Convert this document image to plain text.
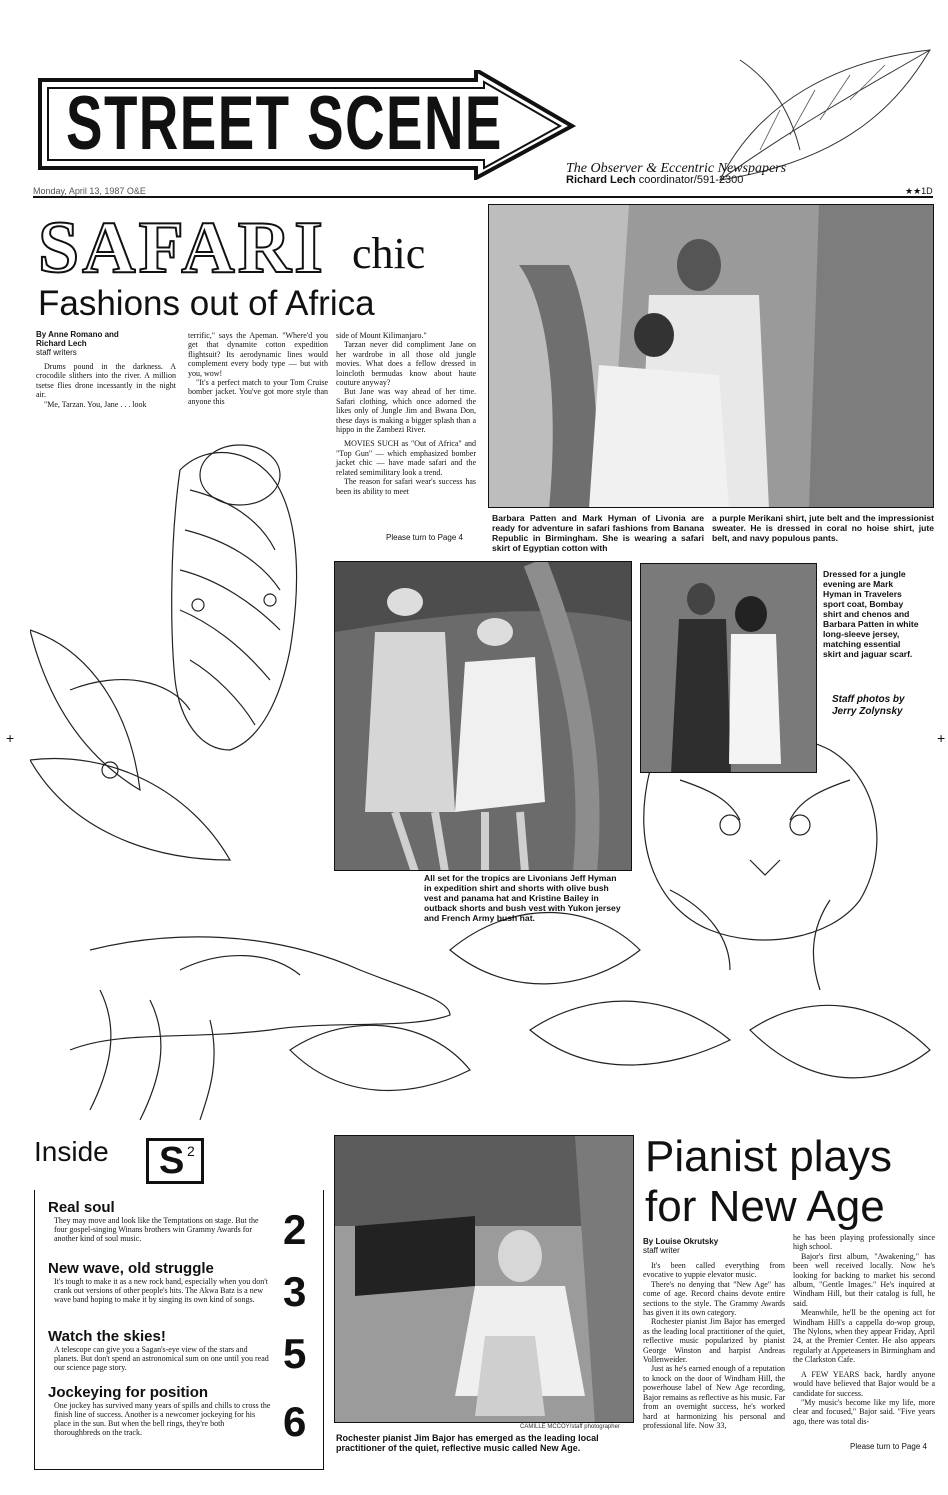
STREET SCENE
The Observer & Eccentric Newspapers
Richard Lech coordinator/591-2300
Monday, April 13, 1987 O&E	★★1D
SAFARI chic
Fashions out of Africa
By Anne Romano and Richard Lech
staff writers

Drums pound in the darkness. A crocodile slithers into the river. A million tsetse flies drone incessantly in the night air.

"Me, Tarzan. You, Jane . . . look

terrific," says the Apeman. "Where'd you get that dynamite cotton expedition flightsuit? Its aerodynamic lines would complement every body type — but with you, wow!

"It's a perfect match to your Tom Cruise bomber jacket. You've got more style than anyone this

side of Mount Kilimanjaro."

Tarzan never did compliment Jane on her wardrobe in all those old jungle movies. What does a fellow dressed in loincloth bermudas know about haute couture anyway?

But Jane was way ahead of her time. Safari clothing, which once adorned the likes only of Jungle Jim and Bwana Don, these days is making a bigger splash than a hippo in the Zambezi River.

MOVIES SUCH as "Out of Africa" and "Top Gun" — which emphasized bomber jacket chic — have made safari and the related semimilitary look a trend.

The reason for safari wear's success has been its ability to meet

Please turn to Page 4
Barbara Patten and Mark Hyman of Livonia are ready for adventure in safari fashions from Banana Republic in Birmingham. She is wearing a safari skirt of Egyptian cotton with
a purple Merikani shirt, jute belt and the impressionist sweater. He is dressed in coral no hoise shirt, jute belt, and navy populous pants.
All set for the tropics are Livonians Jeff Hyman in expedition shirt and shorts with olive bush vest and panama hat and Kristine Bailey in outback shorts and bush vest with Yukon jersey and French Army bush hat.
Dressed for a jungle evening are Mark Hyman in Travelers sport coat, Bombay shirt and chenos and Barbara Patten in white long-sleeve jersey, matching essential skirt and jaguar scarf.
Staff photos by Jerry Zolynsky
+	+
Inside S 2
Real soul
They may move and look like the Temptations on stage. But the four gospel-singing Winans brothers win Grammy Awards for another kind of soul music.	2
New wave, old struggle
It's tough to make it as a new rock band, especially when you don't crank out versions of other people's hits. The Akwa Batz is a new wave band hoping to make it by singing its own kind of songs. 3
Watch the skies!
A telescope can give you a Sagan's-eye view of the stars and planets. But don't spend an astronomical sum on one until you read our science page story.	5
Jockeying for position
One jockey has survived many years of spills and chills to cross the finish line of success. Another is a newcomer jockeying for his place in the sun. But when the bell rings, they're both thoroughbreds on the track.	6	CAMILLE MCCOY/staff photographer
Rochester pianist Jim Bajor has emerged as the leading local practitioner of the quiet, reflective music called New Age.
Pianist plays for New Age
By Louise Okrutsky
staff writer

It's been called everything from evocative to yuppie elevator music.

There's no denying that "New Age" has come of age. Record chains devote entire sections to the style. The Grammy Awards has given it its own category.

Rochester pianist Jim Bajor has emerged as the leading local practitioner of the quiet, reflective music popularized by pianist George Winston and harpist Andreas Vollenweider.

Just as he's earned enough of a reputation to knock on the door of Windham Hill, the powerhouse label of New Age recording, Bajor remains as reflective as his music. Far from an overnight success, he's worked hard at harmonizing his personal and professional life. Now 33,

he has been playing professionally since high school.

Bajor's first album, "Awakening," has been well received locally. Now he's looking for backing to market his second album, "Gentle Images." He's inquired at Windham Hill, but their catalog is full, he said.

Meanwhile, he'll be the opening act for Windham Hill's a cappella do-wop group, The Nylons, when they appear Friday, April 24, at the Premier Center. He also appears regularly at Appeteasers in Birmingham and the Clarkston Cafe.

A FEW YEARS back, hardly anyone would have believed that Bajor would be a candidate for success.

"My music's become like my life, more clear and focused," Bajor said. "Five years ago, there was total dis-

Please turn to Page 4
